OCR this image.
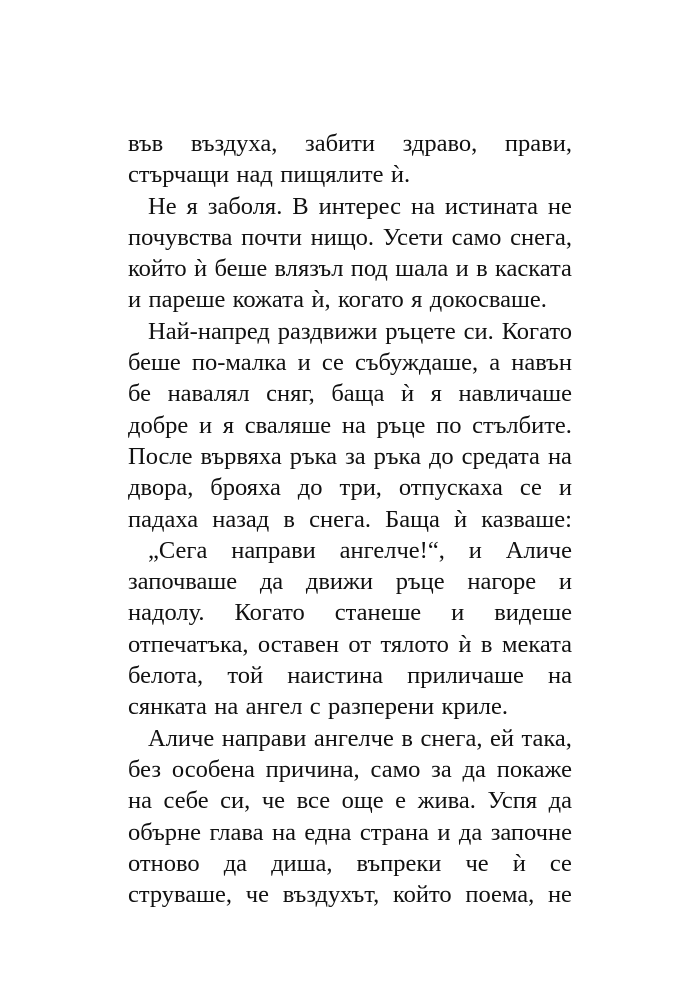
във въздуха, забити здраво, прави,
стърчащи над пищялите ѝ.
Не я заболя. В интерес на истината не
почувства почти нищо. Усети само снега,
който ѝ беше влязъл под шала и в каската
и пареше кожата ѝ, когато я докосваше.
Най-напред раздвижи ръцете си. Когато
беше по-малка и се събуждаше, а навън
бе навалял сняг, баща ѝ я навличаше
добре и я сваляше на ръце по стълбите.
После вървяха ръка за ръка до средата на
двора, брояха до три, отпускаха се и
падаха назад в снега. Баща ѝ казваше:
„Сега направи ангелче!“, и Аличе
започваше да движи ръце нагоре и
надолу. Когато станеше и видеше
отпечатъка, оставен от тялото ѝ в меката
белота, той наистина приличаше на
сянката на ангел с разперени криле.
Аличе направи ангелче в снега, ей така,
без особена причина, само за да покаже
на себе си, че все още е жива. Успя да
обърне глава на една страна и да започне
отново да диша, въпреки че ѝ се
струваше, че въздухът, който поема, не
